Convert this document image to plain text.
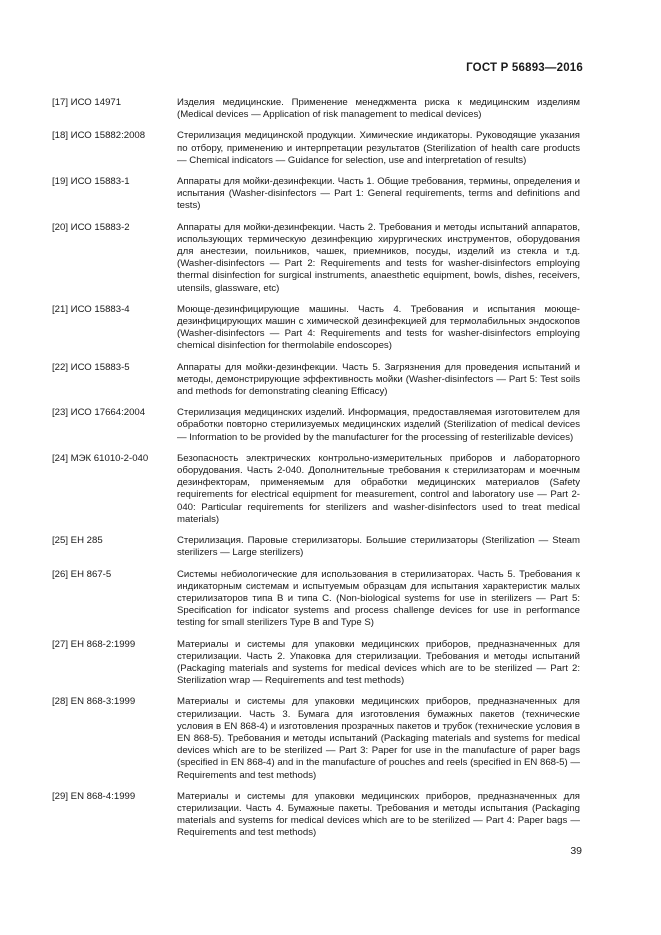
ГОСТ Р 56893—2016
[17] ИСО 14971	Изделия медицинские. Применение менеджмента риска к медицинским изделиям (Medical devices — Application of risk management to medical devices)
[18] ИСО 15882:2008	Стерилизация медицинской продукции. Химические индикаторы. Руководящие указания по отбору, применению и интерпретации результатов (Sterilization of health care products — Chemical indicators — Guidance for selection, use and interpretation of results)
[19] ИСО 15883-1	Аппараты для мойки-дезинфекции. Часть 1. Общие требования, термины, определения и испытания (Washer-disinfectors — Part 1: General requirements, terms and definitions and tests)
[20] ИСО 15883-2	Аппараты для мойки-дезинфекции. Часть 2. Требования и методы испытаний аппаратов, использующих термическую дезинфекцию хирургических инструментов, оборудования для анестезии, поильников, чашек, приемников, посуды, изделий из стекла и т.д. (Washer-disinfectors — Part 2: Requirements and tests for washer-disinfectors employing thermal disinfection for surgical instruments, anaesthetic equipment, bowls, dishes, receivers, utensils, glassware, etc)
[21] ИСО 15883-4	Моюще-дезинфицирующие машины. Часть 4. Требования и испытания моюще-дезинфицирующих машин с химической дезинфекцией для термолабильных эндоскопов (Washer-disinfectors — Part 4: Requirements and tests for washer-disinfectors employing chemical disinfection for thermolabile endoscopes)
[22] ИСО 15883-5	Аппараты для мойки-дезинфекции. Часть 5. Загрязнения для проведения испытаний и методы, демонстрирующие эффективность мойки (Washer-disinfectors — Part 5: Test soils and methods for demonstrating cleaning Efficacy)
[23] ИСО 17664:2004	Стерилизация медицинских изделий. Информация, предоставляемая изготовителем для обработки повторно стерилизуемых медицинских изделий (Sterilization of medical devices — Information to be provided by the manufacturer for the processing of resterilizable devices)
[24] МЭК 61010-2-040	Безопасность электрических контрольно-измерительных приборов и лабораторного оборудования. Часть 2-040. Дополнительные требования к стерилизаторам и моечным дезинфекторам, применяемым для обработки медицинских материалов (Safety requirements for electrical equipment for measurement, control and laboratory use — Part 2-040: Particular requirements for sterilizers and washer-disinfectors used to treat medical materials)
[25] ЕН 285	Стерилизация. Паровые стерилизаторы. Большие стерилизаторы (Sterilization — Steam sterilizers — Large sterilizers)
[26] ЕН 867-5	Системы небиологические для использования в стерилизаторах. Часть 5. Требования к индикаторным системам и испытуемым образцам для испытания характеристик малых стерилизаторов типа В и типа С. (Non-biological systems for use in sterilizers — Part 5: Specification for indicator systems and process challenge devices for use in performance testing for small sterilizers Type B and Type S)
[27] ЕН 868-2:1999	Материалы и системы для упаковки медицинских приборов, предназначенных для стерилизации. Часть 2. Упаковка для стерилизации. Требования и методы испытаний (Packaging materials and systems for medical devices which are to be sterilized — Part 2: Sterilization wrap — Requirements and test methods)
[28] EN 868-3:1999	Материалы и системы для упаковки медицинских приборов, предназначенных для стерилизации. Часть 3. Бумага для изготовления бумажных пакетов (технические условия в EN 868-4) и изготовления прозрачных пакетов и трубок (технические условия в EN 868-5). Требования и методы испытаний (Packaging materials and systems for medical devices which are to be sterilized — Part 3: Paper for use in the manufacture of paper bags (specified in EN 868-4) and in the manufacture of pouches and reels (specified in EN 868-5) — Requirements and test methods)
[29] EN 868-4:1999	Материалы и системы для упаковки медицинских приборов, предназначенных для стерилизации. Часть 4. Бумажные пакеты. Требования и методы испытания (Packaging materials and systems for medical devices which are to be sterilized — Part 4: Paper bags — Requirements and test methods)
39
